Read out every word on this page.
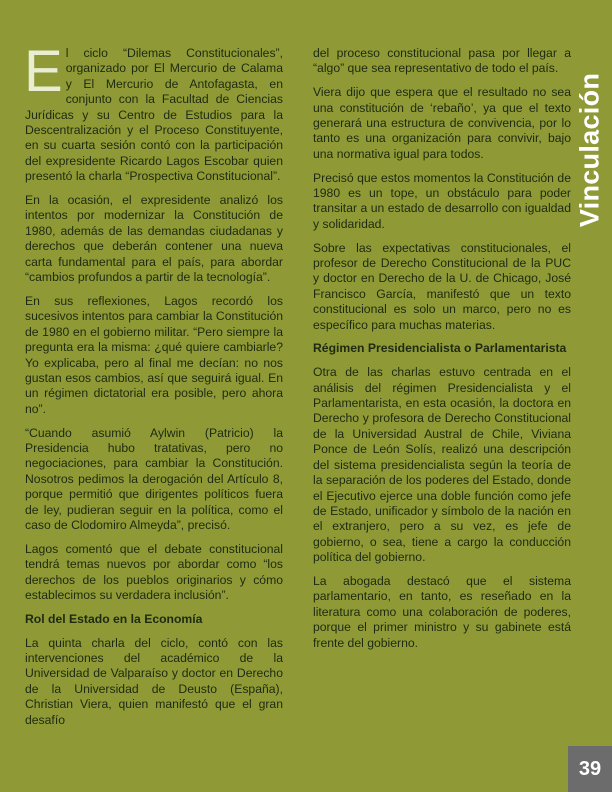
El ciclo “Dilemas Constitucionales”, organizado por El Mercurio de Calama y El Mercurio de Antofagasta, en conjunto con la Facultad de Ciencias Jurídicas y su Centro de Estudios para la Descentralización y el Proceso Constituyente, en su cuarta sesión contó con la participación del expresidente Ricardo Lagos Escobar quien presentó la charla “Prospectiva Constitucional”.

En la ocasión, el expresidente analizó los intentos por modernizar la Constitución de 1980, además de las demandas ciudadanas y derechos que deberán contener una nueva carta fundamental para el país, para abordar “cambios profundos a partir de la tecnología”.

En sus reflexiones, Lagos recordó los sucesivos intentos para cambiar la Constitución de 1980 en el gobierno militar. “Pero siempre la pregunta era la misma: ¿qué quiere cambiarle? Yo explicaba, pero al final me decían: no nos gustan esos cambios, así que seguirá igual. En un régimen dictatorial era posible, pero ahora no”.

“Cuando asumió Aylwin (Patricio) la Presidencia hubo tratativas, pero no negociaciones, para cambiar la Constitución. Nosotros pedimos la derogación del Artículo 8, porque permitió que dirigentes políticos fuera de ley, pudieran seguir en la política, como el caso de Clodomiro Almeyda”, precisó.

Lagos comentó que el debate constitucional tendrá temas nuevos por abordar como “los derechos de los pueblos originarios y cómo establecimos su verdadera inclusión”.

Rol del Estado en la Economía

La quinta charla del ciclo, contó con las intervenciones del académico de la Universidad de Valparaíso y doctor en Derecho de la Universidad de Deusto (España), Christian Viera, quien manifestó que el gran desafío

del proceso constitucional pasa por llegar a “algo” que sea representativo de todo el país.

Viera dijo que espera que el resultado no sea una constitución de ‘rebaño’, ya que el texto generará una estructura de convivencia, por lo tanto es una organización para convivir, bajo una normativa igual para todos.

Precisó que estos momentos la Constitución de 1980 es un tope, un obstáculo para poder transitar a un estado de desarrollo con igualdad y solidaridad.

Sobre las expectativas constitucionales, el profesor de Derecho Constitucional de la PUC y doctor en Derecho de la U. de Chicago, José Francisco García, manifestó que un texto constitucional es solo un marco, pero no es específico para muchas materias.

Régimen Presidencialista o Parlamentarista

Otra de las charlas estuvo centrada en el análisis del régimen Presidencialista y el Parlamentarista, en esta ocasión, la doctora en Derecho y profesora de Derecho Constitucional de la Universidad Austral de Chile, Viviana Ponce de León Solís, realizó una descripción del sistema presidencialista según la teoría de la separación de los poderes del Estado, donde el Ejecutivo ejerce una doble función como jefe de Estado, unificador y símbolo de la nación en el extranjero, pero a su vez, es jefe de gobierno, o sea, tiene a cargo la conducción política del gobierno.

La abogada destacó que el sistema parlamentario, en tanto, es reseñado en la literatura como una colaboración de poderes, porque el primer ministro y su gabinete está frente del gobierno.

Vinculación
39
